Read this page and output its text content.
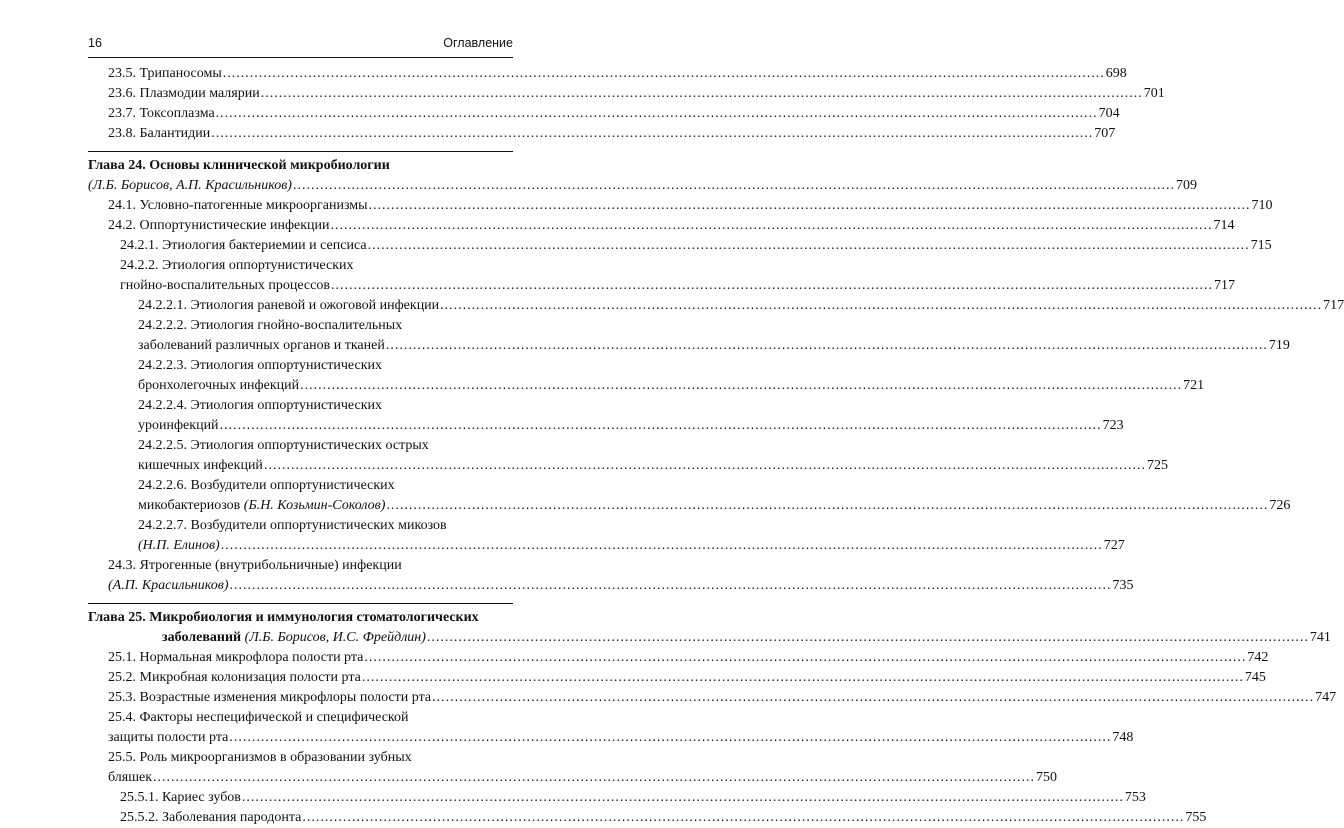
16	Оглавление
23.5. Трипаносомы .....	698
23.6. Плазмодии малярии .....	701
23.7. Токсоплазма .....	704
23.8. Балантидии .....	707
Глава 24. Основы клинической микробиологии
(Л.Б. Борисов, А.П. Красильников) .....	709
24.1. Условно-патогенные микроорганизмы .....	710
24.2. Оппортунистические инфекции .....	714
24.2.1. Этиология бактериемии и сепсиса .....	715
24.2.2. Этиология оппортунистических
гнойно-воспалительных процессов .....	717
24.2.2.1. Этиология раневой и ожоговой инфекции .....	717
24.2.2.2. Этиология гнойно-воспалительных
заболеваний различных органов и тканей .....	719
24.2.2.3. Этиология оппортунистических
бронхолегочных инфекций .....	721
24.2.2.4. Этиология оппортунистических
уроинфекций .....	723
24.2.2.5. Этиология оппортунистических острых
кишечных инфекций .....	725
24.2.2.6. Возбудители оппортунистических
микобактериозов (Б.Н. Козьмин-Соколов) .....	726
24.2.2.7. Возбудители оппортунистических микозов
(Н.П. Елинов) .....	727
24.3. Ятрогенные (внутрибольничные) инфекции
(А.П. Красильников) .....	735
Глава 25. Микробиология и иммунология стоматологических
заболеваний (Л.Б. Борисов, И.С. Фрейдлин) .....	741
25.1. Нормальная микрофлора полости рта .....	742
25.2. Микробная колонизация полости рта .....	745
25.3. Возрастные изменения микрофлоры полости рта .....	747
25.4. Факторы неспецифической и специфической
защиты полости рта .....	748
25.5. Роль микроорганизмов в образовании зубных
бляшек .....	750
25.5.1. Кариес зубов .....	753
25.5.2. Заболевания пародонта .....	755
